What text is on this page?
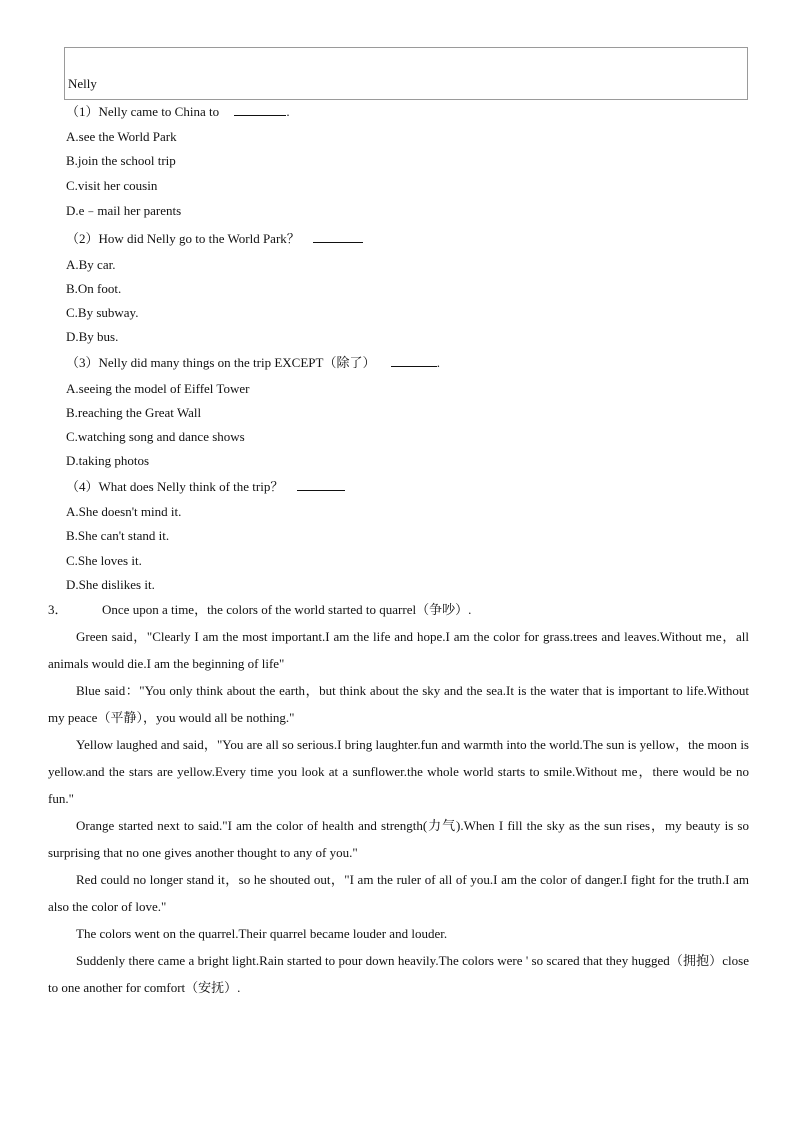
Nelly
（1）Nelly came to China to	.
A.see the World Park
B.join the school trip
C.visit her cousin
D.e﹣mail her parents
（2）How did Nelly go to the World Park？
A.By car.
B.On foot.
C.By subway.
D.By bus.
（3）Nelly did many things on the trip EXCEPT（除了）	.
A.seeing the model of Eiffel Tower
B.reaching the Great Wall
C.watching song and dance shows
D.taking photos
（4）What does Nelly think of the trip？
A.She doesn't mind it.
B.She can't stand it.
C.She loves it.
D.She dislikes it.
3．	Once upon a time，the colors of the world started to quarrel（争吵）.

Green said，"Clearly I am the most important.I am the life and hope.I am the color for grass.trees and leaves.Without me，all animals would die.I am the beginning of life"

Blue said："You only think about the earth，but think about the sky and the sea.It is the water that is important to life.Without my peace（平静），you would all be nothing."

Yellow laughed and said，"You are all so serious.I bring laughter.fun and warmth into the world.The sun is yellow，the moon is yellow.and the stars are yellow.Every time you look at a sunflower.the whole world starts to smile.Without me，there would be no fun."

Orange started next to said."I am the color of health and strength(力气).When I fill the sky as the sun rises，my beauty is so surprising that no one gives another thought to any of you."

Red could no longer stand it，so he shouted out，"I am the ruler of all of you.I am the color of danger.I fight for the truth.I am also the color of love."

The colors went on the quarrel.Their quarrel became louder and louder.

Suddenly there came a bright light.Rain started to pour down heavily.The colors were ' so scared that they hugged（拥抱）close to one another for comfort（安抚）.
